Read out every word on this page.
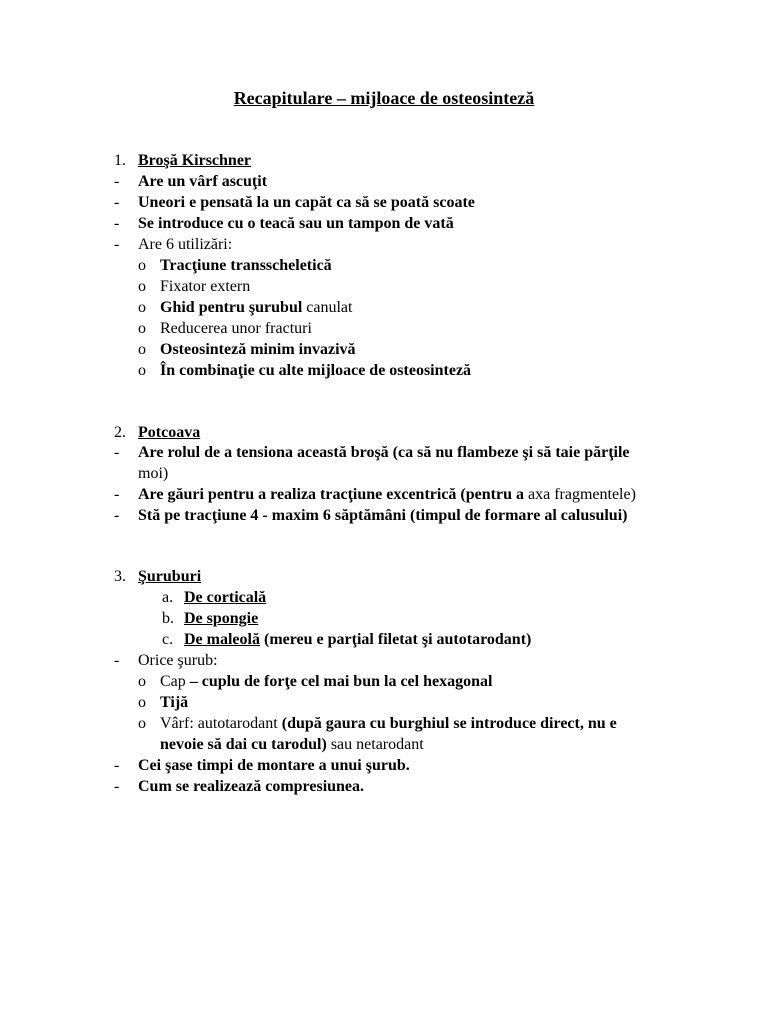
Recapitulare – mijloace de osteosinteză
1. Broşă Kirschner
- Are un vârf ascuţit
- Uneori e pensată la un capăt ca să se poată scoate
- Se introduce cu o teacă sau un tampon de vată
- Are 6 utilizări:
o Tracţiune transscheletică
o Fixator extern
o Ghid pentru şurubul canulat
o Reducerea unor fracturi
o Osteosinteză minim invazivă
o În combinaţie cu alte mijloace de osteosinteză
2. Potcoava
- Are rolul de a tensiona această broşă (ca să nu flambeze şi să taie părţile
moi)
- Are găuri pentru a realiza tracţiune excentrică (pentru a axa fragmentele)
- Stă pe tracţiune 4 - maxim 6 săptămâni (timpul de formare al calusului)
3. Şuruburi
a. De corticală
b. De spongie
c. De maleolă (mereu e parţial filetat şi autotarodant)
- Orice şurub:
o Cap – cuplu de forţe cel mai bun la cel hexagonal
o Tijă
o Vârf: autotarodant (după gaura cu burghiul se introduce direct, nu e
nevoie să dai cu tarodul) sau netarodant
- Cei şase timpi de montare a unui şurub.
- Cum se realizează compresiunea.
